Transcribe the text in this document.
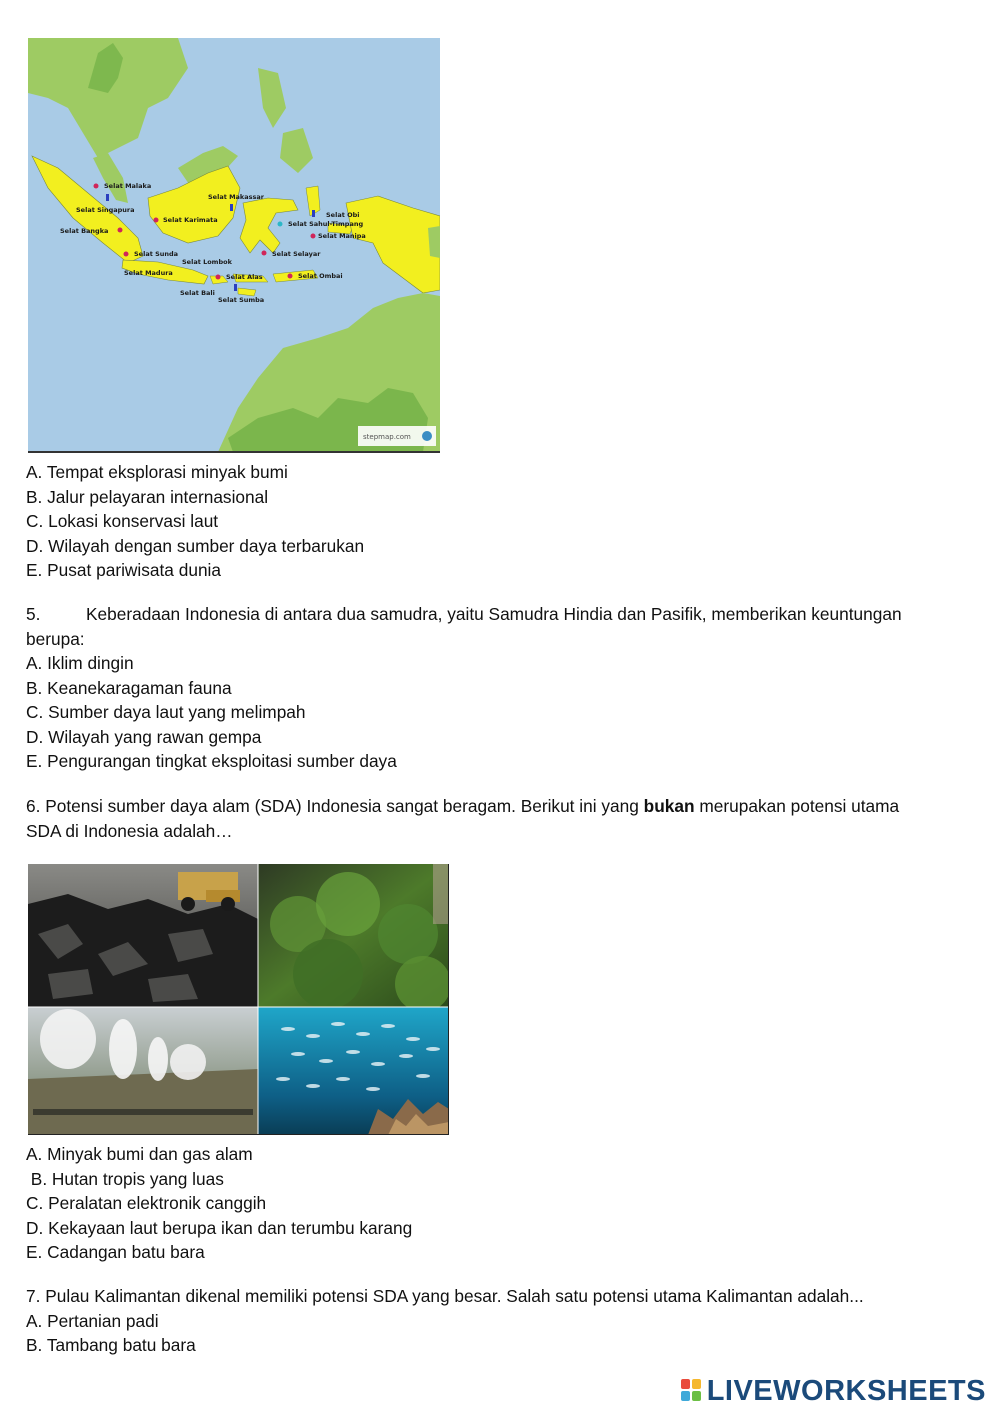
Selat Malaka
Selat Singapura
Selat Bangka
Selat Sunda
Selat Karimata
Selat Makassar
Selat Lombok
Selat Madura
Selat Bali
Selat Alas
Selat Sumba
Selat Selayar
Selat Ombai
Selat Obi
Selat Sahul-Timpang
Selat Manipa
stepmap.com
A. Tempat eksplorasi minyak bumi
B. Jalur pelayaran internasional
C. Lokasi konservasi laut
D. Wilayah dengan sumber daya terbarukan
E. Pusat pariwisata dunia
5.	Keberadaan Indonesia di antara dua samudra, yaitu Samudra Hindia dan Pasifik, memberikan keuntungan
berupa:
A. Iklim dingin
B. Keanekaragaman fauna
C. Sumber daya laut yang melimpah
D. Wilayah yang rawan gempa
E. Pengurangan tingkat eksploitasi sumber daya
6. Potensi sumber daya alam (SDA) Indonesia sangat beragam. Berikut ini yang bukan merupakan potensi utama
SDA di Indonesia adalah…
A. Minyak bumi dan gas alam
B. Hutan tropis yang luas
C. Peralatan elektronik canggih
D. Kekayaan laut berupa ikan dan terumbu karang
E. Cadangan batu bara
7. Pulau Kalimantan dikenal memiliki potensi SDA yang besar. Salah satu potensi utama Kalimantan adalah...
A. Pertanian padi
B. Tambang batu bara
LIVEWORKSHEETS
